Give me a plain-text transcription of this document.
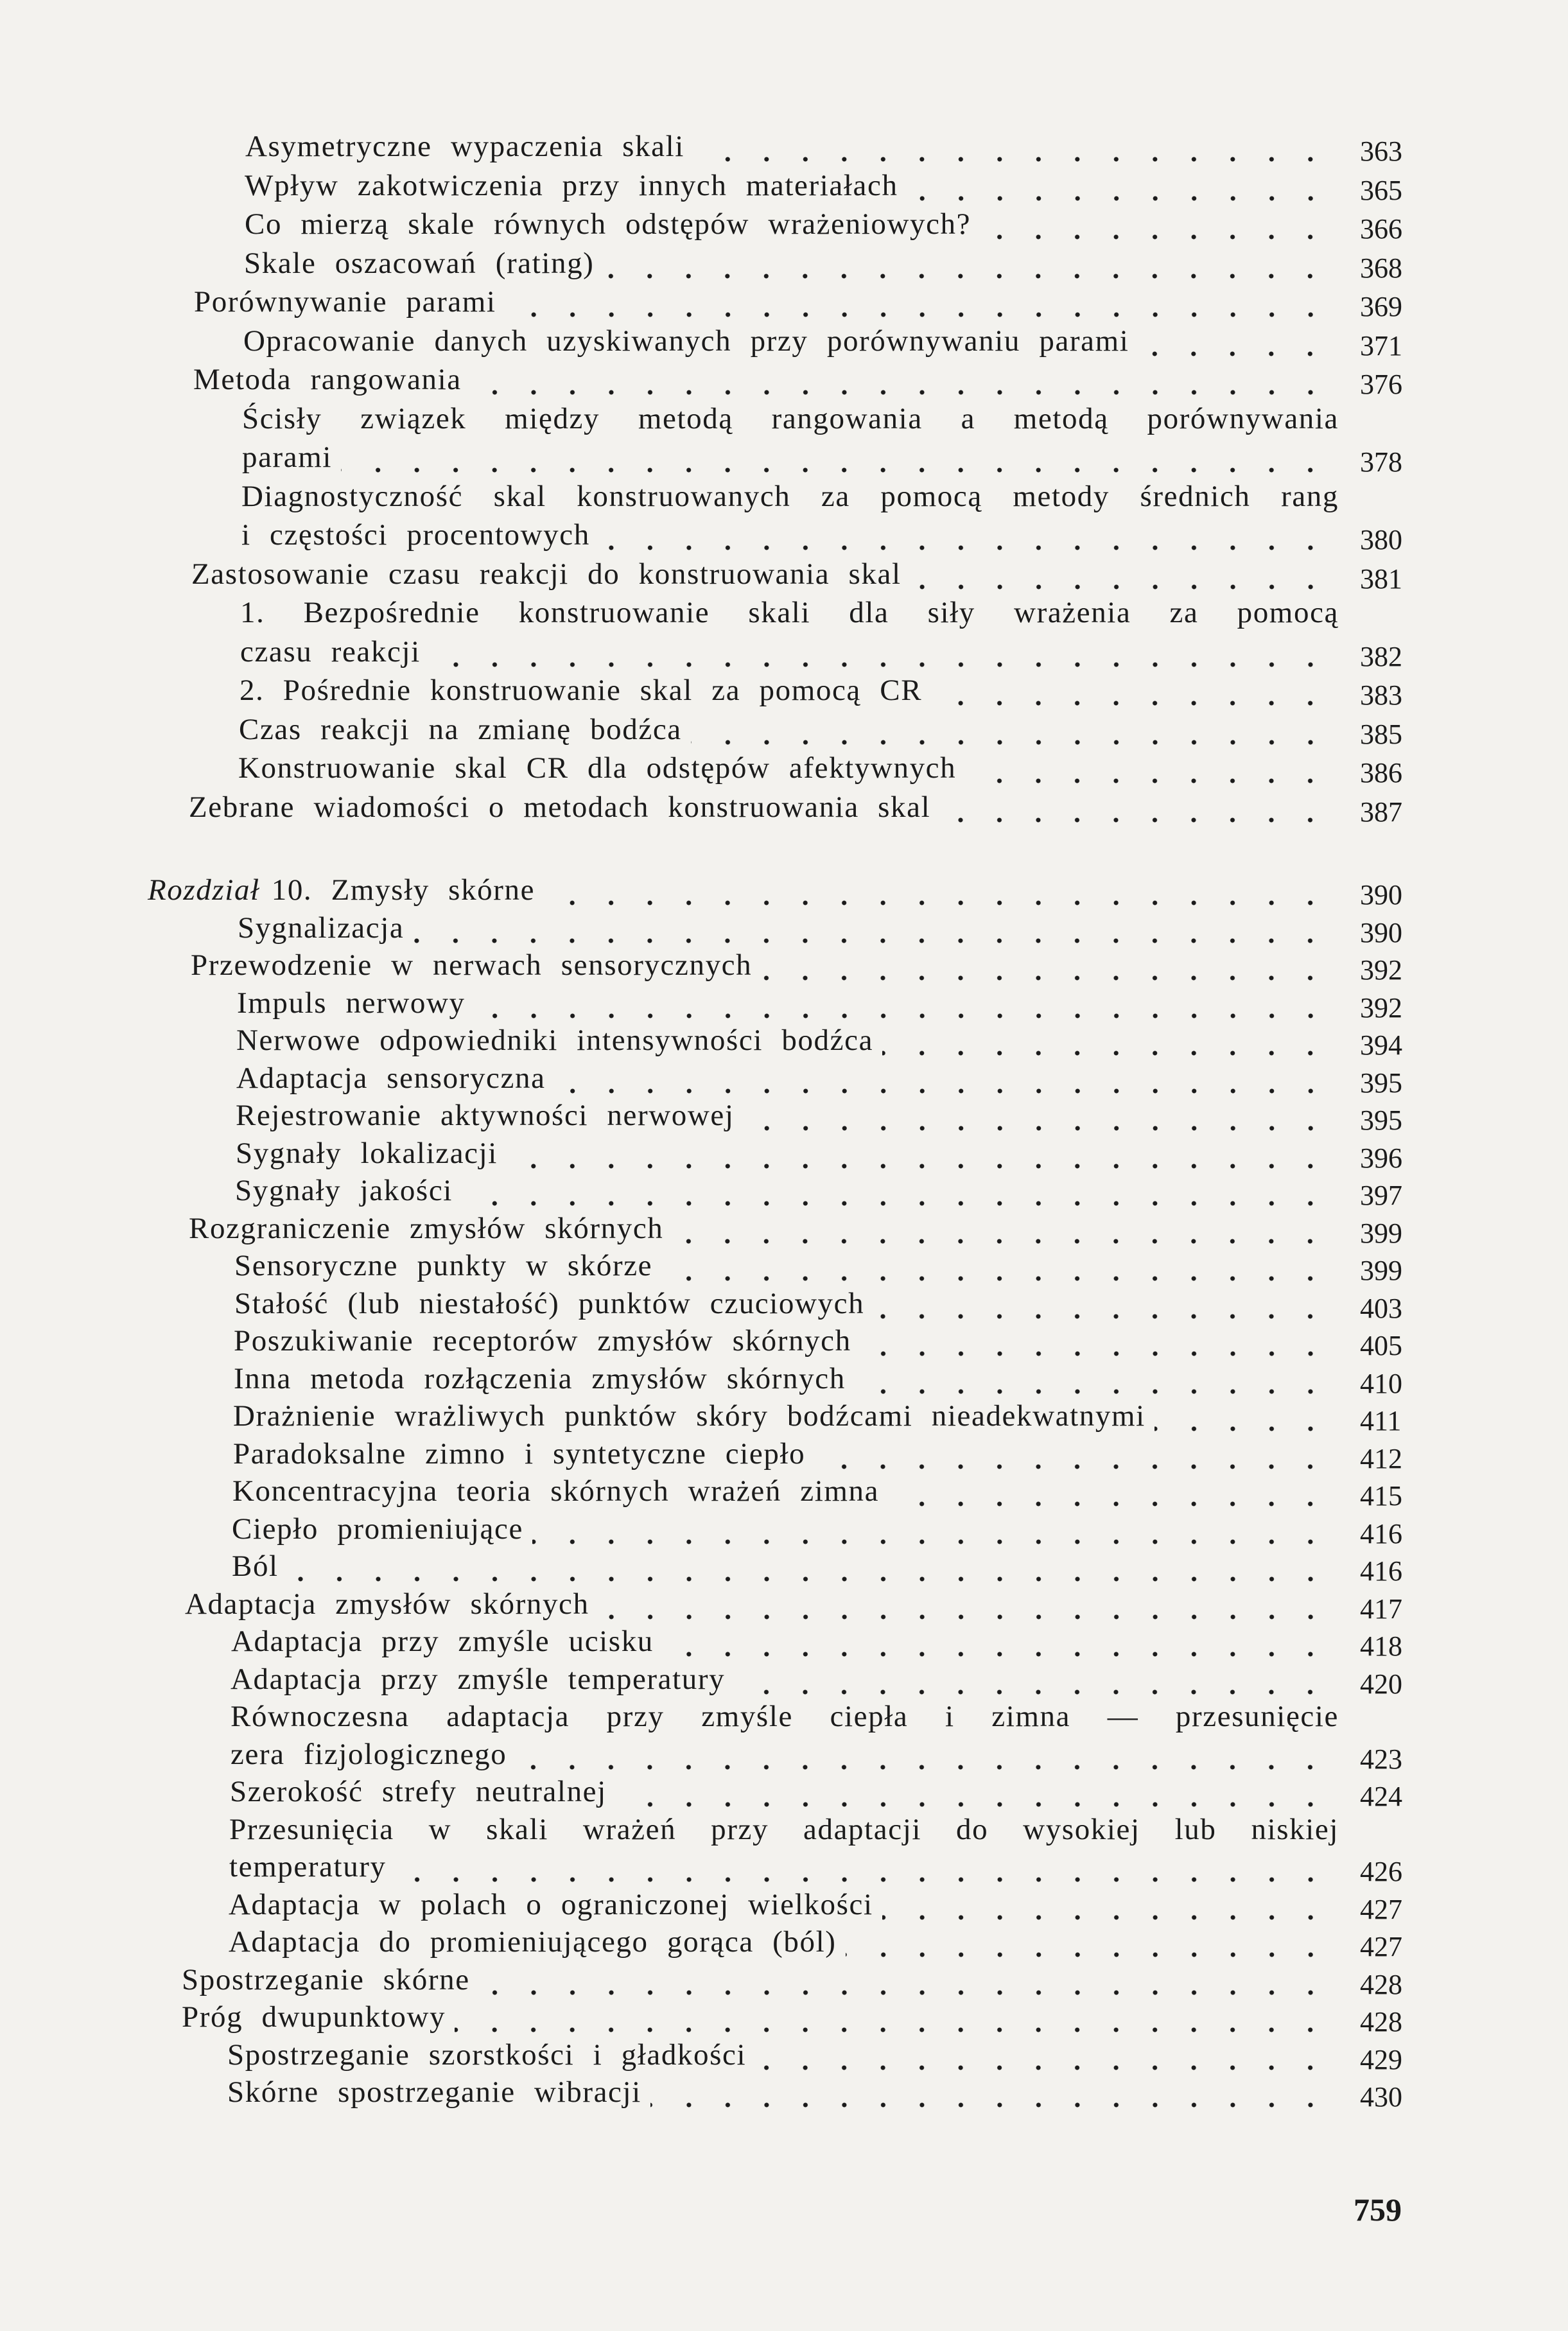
Asymetryczne wypaczenia skali	363
Wpływ zakotwiczenia przy innych materiałach	365
Co mierzą skale równych odstępów wrażeniowych?	366
Skale oszacowań (rating)	368
Porównywanie parami	369
Opracowanie danych uzyskiwanych przy porównywaniu parami	371
Metoda rangowania	376
Ścisły związek między metodą rangowania a metodą porównywania
parami	378
Diagnostyczność skal konstruowanych za pomocą metody średnich rang
i częstości procentowych	380
Zastosowanie czasu reakcji do konstruowania skal	381
1. Bezpośrednie konstruowanie skali dla siły wrażenia za pomocą
czasu reakcji	382
2. Pośrednie konstruowanie skal za pomocą CR	383
Czas reakcji na zmianę bodźca	385
Konstruowanie skal CR dla odstępów afektywnych	386
Zebrane wiadomości o metodach konstruowania skal	387
Rozdział 10. Zmysły skórne	390
Sygnalizacja	390
Przewodzenie w nerwach sensorycznych	392
Impuls nerwowy	392
Nerwowe odpowiedniki intensywności bodźca	394
Adaptacja sensoryczna	395
Rejestrowanie aktywności nerwowej	395
Sygnały lokalizacji	396
Sygnały jakości	397
Rozgraniczenie zmysłów skórnych	399
Sensoryczne punkty w skórze	399
Stałość (lub niestałość) punktów czuciowych	403
Poszukiwanie receptorów zmysłów skórnych	405
Inna metoda rozłączenia zmysłów skórnych	410
Drażnienie wrażliwych punktów skóry bodźcami nieadekwatnymi	411
Paradoksalne zimno i syntetyczne ciepło	412
Koncentracyjna teoria skórnych wrażeń zimna	415
Ciepło promieniujące	416
Ból	416
Adaptacja zmysłów skórnych	417
Adaptacja przy zmyśle ucisku	418
Adaptacja przy zmyśle temperatury	420
Równoczesna adaptacja przy zmyśle ciepła i zimna — przesunięcie
zera fizjologicznego	423
Szerokość strefy neutralnej	424
Przesunięcia w skali wrażeń przy adaptacji do wysokiej lub niskiej
temperatury	426
Adaptacja w polach o ograniczonej wielkości	427
Adaptacja do promieniującego gorąca (ból)	427
Spostrzeganie skórne	428
Próg dwupunktowy	428
Spostrzeganie szorstkości i gładkości	429
Skórne spostrzeganie wibracji	430
759
